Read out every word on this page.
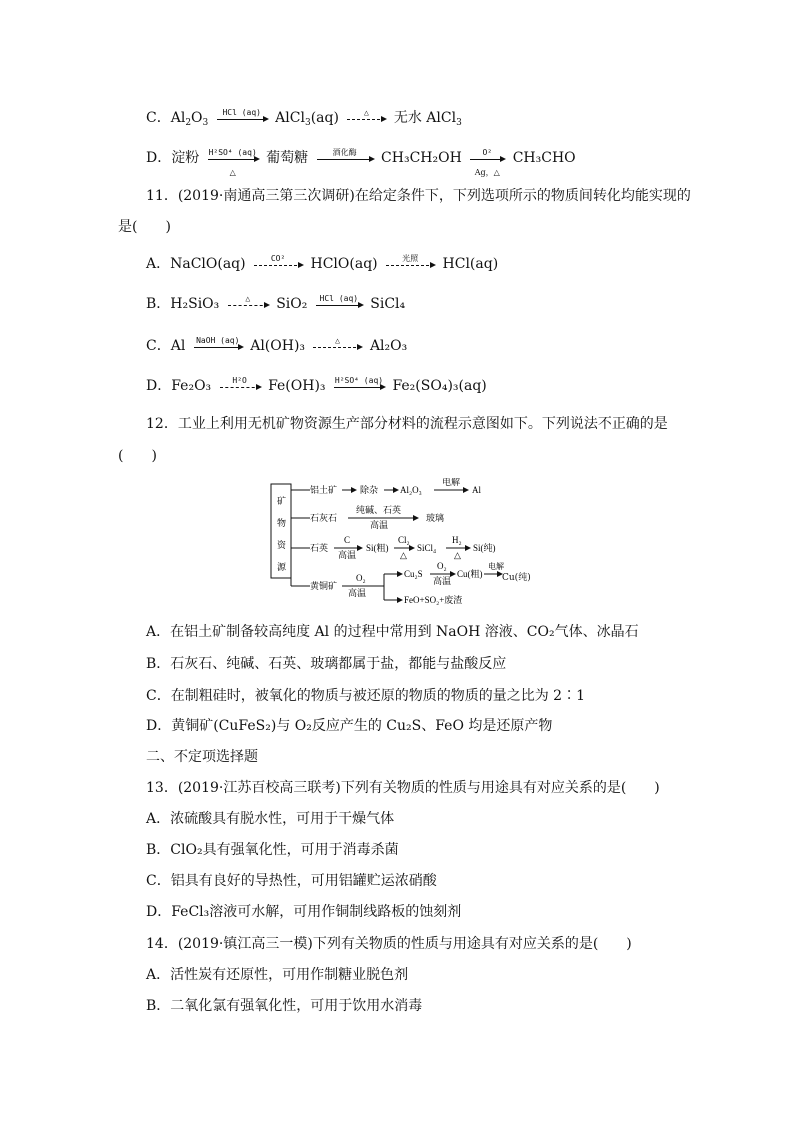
C．$Al_2O_3$
HCl (aq)	AlCl$_3$(aq)	△	无水 AlCl$_3$
D．淀粉 H²SO⁴ (aq)
△
葡萄糖	酒化酶	$CH_3CH_2OH \frac{\text{O²}}{Ag,\triangle} CH_3CHO$
11．(2019·南通高三第三次调研)在给定条件下，下列选项所示的物质间转化均能实现的
是(　　)
A．NaClO(aq)	CO²	HClO(aq)	光照	HCl(aq)
B．H₂SiO₃	△	SiO₂	HCl (aq) SiCl₄
C．Al NaOH (aq) Al(OH)₃	△	Al₂O₃
D．Fe₂O₃	H²O	Fe(OH)₃ H²SO⁴ (aq) Fe₂(SO₄)₃(aq)
12．工业上利用无机矿物资源生产部分材料的流程示意图如下。下列说法不正确的是
(　　)
矿
物
资
源
铝土矿	除杂 Al₂O₃
电解
Al
石灰石
纯碱、石英
高温
玻璃
石英
C
高温
Si(粗)
Cl₂
△
SiCl₄
H₂
△
Si(纯)
黄铜矿
O₂
高温
Cu₂S
O₂
高温
Cu(粗)
电解
FeO+SO₂+废渣
Cu(纯)
A．在铝土矿制备较高纯度 Al 的过程中常用到 NaOH 溶液、CO₂气体、冰晶石
B．石灰石、纯碱、石英、玻璃都属于盐，都能与盐酸反应
C．在制粗硅时，被氧化的物质与被还原的物质的物质的量之比为 2∶1
D．黄铜矿(CuFeS₂)与 O₂反应产生的 Cu₂S、FeO 均是还原产物
二、不定项选择题
13．(2019·江苏百校高三联考)下列有关物质的性质与用途具有对应关系的是(　　)
A．浓硫酸具有脱水性，可用于干燥气体
B．ClO₂具有强氧化性，可用于消毒杀菌
C．铝具有良好的导热性，可用铝罐贮运浓硝酸
D．FeCl₃溶液可水解，可用作铜制线路板的蚀刻剂
14．(2019·镇江高三一模)下列有关物质的性质与用途具有对应关系的是(　　)
A．活性炭有还原性，可用作制糖业脱色剂
B．二氧化氯有强氧化性，可用于饮用水消毒
